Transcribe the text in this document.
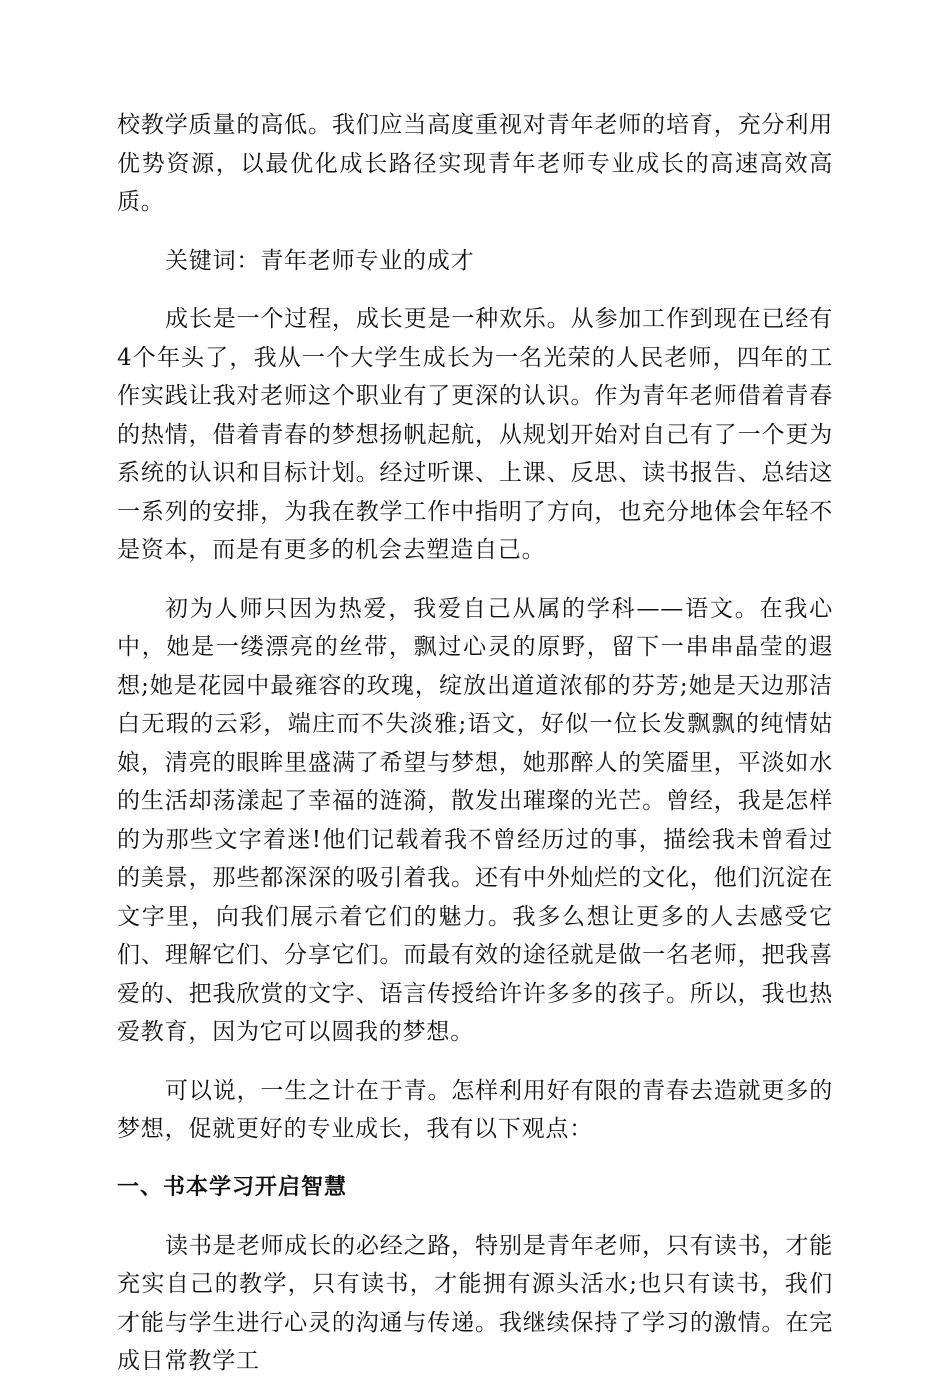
校教学质量的高低。我们应当高度重视对青年老师的培育，充分利用优势资源，以最优化成长路径实现青年老师专业成长的高速高效高质。

关键词：青年老师专业的成才

成长是一个过程，成长更是一种欢乐。从参加工作到现在已经有4个年头了，我从一个大学生成长为一名光荣的人民老师，四年的工作实践让我对老师这个职业有了更深的认识。作为青年老师借着青春的热情，借着青春的梦想扬帆起航，从规划开始对自己有了一个更为系统的认识和目标计划。经过听课、上课、反思、读书报告、总结这一系列的安排，为我在教学工作中指明了方向，也充分地体会年轻不是资本，而是有更多的机会去塑造自己。

初为人师只因为热爱，我爱自己从属的学科——语文。在我心中，她是一缕漂亮的丝带，飘过心灵的原野，留下一串串晶莹的遐想;她是花园中最雍容的玫瑰，绽放出道道浓郁的芬芳;她是天边那洁白无瑕的云彩，端庄而不失淡雅;语文，好似一位长发飘飘的纯情姑娘，清亮的眼眸里盛满了希望与梦想，她那醉人的笑靥里，平淡如水的生活却荡漾起了幸福的涟漪，散发出璀璨的光芒。曾经，我是怎样的为那些文字着迷!他们记载着我不曾经历过的事，描绘我未曾看过的美景，那些都深深的吸引着我。还有中外灿烂的文化，他们沉淀在文字里，向我们展示着它们的魅力。我多么想让更多的人去感受它们、理解它们、分享它们。而最有效的途径就是做一名老师，把我喜爱的、把我欣赏的文字、语言传授给许许多多的孩子。所以，我也热爱教育，因为它可以圆我的梦想。

可以说，一生之计在于青。怎样利用好有限的青春去造就更多的梦想，促就更好的专业成长，我有以下观点：

一、书本学习开启智慧

读书是老师成长的必经之路，特别是青年老师，只有读书，才能充实自己的教学，只有读书，才能拥有源头活水;也只有读书，我们才能与学生进行心灵的沟通与传递。我继续保持了学习的激情。在完成日常教学工
